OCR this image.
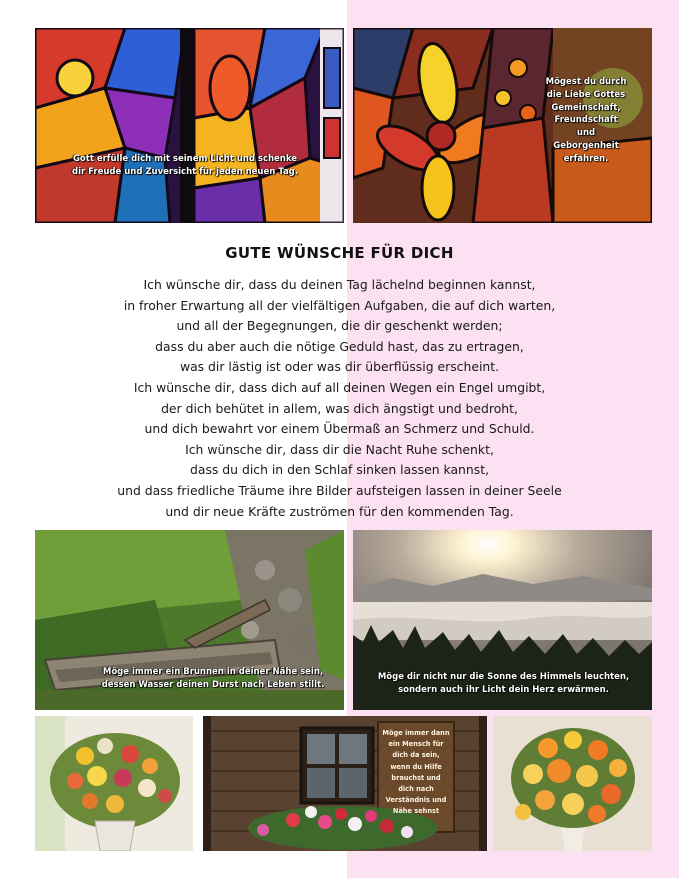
Gott erfülle dich mit seinem Licht und schenke
dir Freude und Zuversicht für jeden neuen Tag.
Mögest du durch
die Liebe Gottes
Gemeinschaft,
Freundschaft
und
Geborgenheit
erfahren.
GUTE WÜNSCHE FÜR DICH
Ich wünsche dir, dass du deinen Tag lächelnd beginnen kannst,
in froher Erwartung all der vielfältigen Aufgaben, die auf dich warten,
und all der Begegnungen, die dir geschenkt werden;
dass du aber auch die nötige Geduld hast, das zu ertragen,
was dir lästig ist oder was dir überflüssig erscheint.
Ich wünsche dir, dass dich auf all deinen Wegen ein Engel umgibt,
der dich behütet in allem, was dich ängstigt und bedroht,
und dich bewahrt vor einem Übermaß an Schmerz und Schuld.
Ich wünsche dir, dass dir die Nacht Ruhe schenkt,
dass du dich in den Schlaf sinken lassen kannst,
und dass friedliche Träume ihre Bilder aufsteigen lassen in deiner Seele
und dir neue Kräfte zuströmen für den kommenden Tag.
Möge immer ein Brunnen in deiner Nähe sein,
dessen Wasser deinen Durst nach Leben stillt.
Möge dir nicht nur die Sonne des Himmels leuchten,
sondern auch ihr Licht dein Herz erwärmen.
Möge immer dann
ein Mensch für
dich da sein,
wenn du Hilfe
brauchst und
dich nach
Verständnis und
Nähe sehnst
